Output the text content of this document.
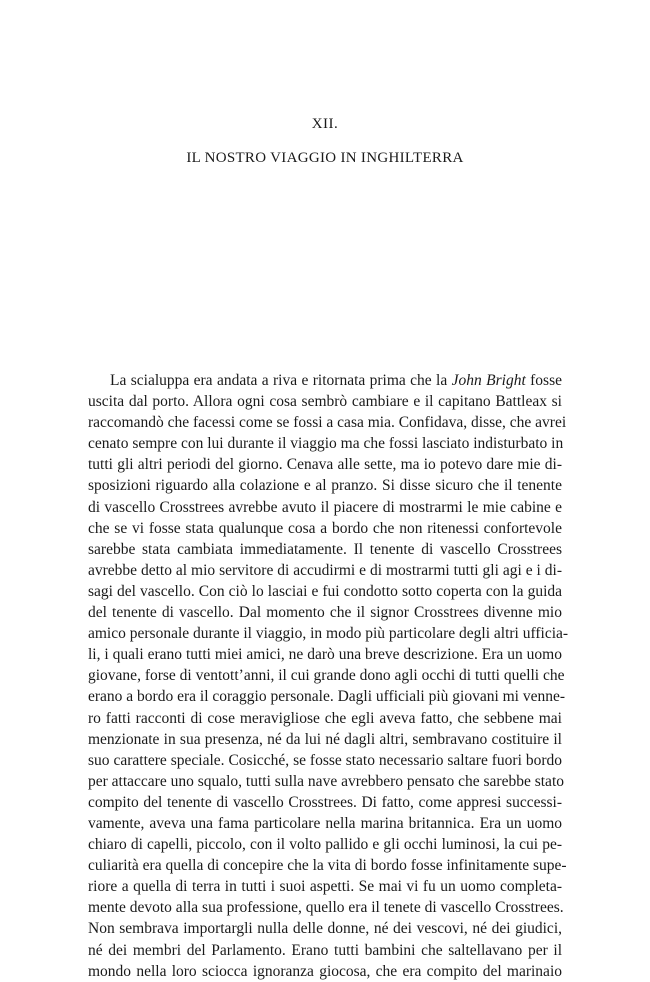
XII.

IL NOSTRO VIAGGIO IN INGHILTERRA

La scialuppa era andata a riva e ritornata prima che la John Bright fosse
uscita dal porto. Allora ogni cosa sembrò cambiare e il capitano Battleax si
raccomandò che facessi come se fossi a casa mia. Confidava, disse, che avrei
cenato sempre con lui durante il viaggio ma che fossi lasciato indisturbato in
tutti gli altri periodi del giorno. Cenava alle sette, ma io potevo dare mie di-
sposizioni riguardo alla colazione e al pranzo. Si disse sicuro che il tenente
di vascello Crosstrees avrebbe avuto il piacere di mostrarmi le mie cabine e
che se vi fosse stata qualunque cosa a bordo che non ritenessi confortevole
sarebbe stata cambiata immediatamente. Il tenente di vascello Crosstrees
avrebbe detto al mio servitore di accudirmi e di mostrarmi tutti gli agi e i di-
sagi del vascello. Con ciò lo lasciai e fui condotto sotto coperta con la guida
del tenente di vascello. Dal momento che il signor Crosstrees divenne mio
amico personale durante il viaggio, in modo più particolare degli altri ufficia-
li, i quali erano tutti miei amici, ne darò una breve descrizione. Era un uomo
giovane, forse di ventott’anni, il cui grande dono agli occhi di tutti quelli che
erano a bordo era il coraggio personale. Dagli ufficiali più giovani mi venne-
ro fatti racconti di cose meravigliose che egli aveva fatto, che sebbene mai
menzionate in sua presenza, né da lui né dagli altri, sembravano costituire il
suo carattere speciale. Cosicché, se fosse stato necessario saltare fuori bordo
per attaccare uno squalo, tutti sulla nave avrebbero pensato che sarebbe stato
compito del tenente di vascello Crosstrees. Di fatto, come appresi successi-
vamente, aveva una fama particolare nella marina britannica. Era un uomo
chiaro di capelli, piccolo, con il volto pallido e gli occhi luminosi, la cui pe-
culiarità era quella di concepire che la vita di bordo fosse infinitamente supe-
riore a quella di terra in tutti i suoi aspetti. Se mai vi fu un uomo completa-
mente devoto alla sua professione, quello era il tenete di vascello Crosstrees.
Non sembrava importargli nulla delle donne, né dei vescovi, né dei giudici,
né dei membri del Parlamento. Erano tutti bambini che saltellavano per il
mondo nella loro sciocca ignoranza giocosa, che era compito del marinaio
